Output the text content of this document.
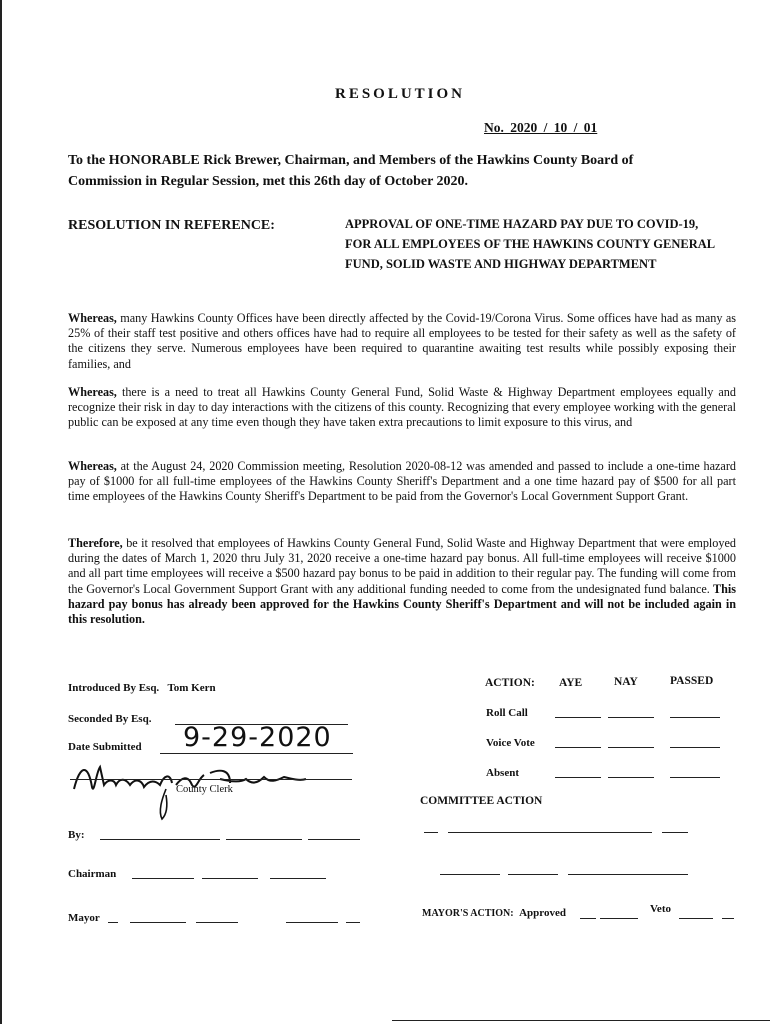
RESOLUTION
No. 2020 / 10 / 01
To the HONORABLE Rick Brewer, Chairman, and Members of the Hawkins County Board of Commission in Regular Session, met this 26th day of October 2020.
RESOLUTION IN REFERENCE:	APPROVAL OF ONE-TIME HAZARD PAY DUE TO COVID-19, FOR ALL EMPLOYEES OF THE HAWKINS COUNTY GENERAL FUND, SOLID WASTE AND HIGHWAY DEPARTMENT
Whereas, many Hawkins County Offices have been directly affected by the Covid-19/Corona Virus. Some offices have had as many as 25% of their staff test positive and others offices have had to require all employees to be tested for their safety as well as the safety of the citizens they serve. Numerous employees have been required to quarantine awaiting test results while possibly exposing their families, and
Whereas, there is a need to treat all Hawkins County General Fund, Solid Waste & Highway Department employees equally and recognize their risk in day to day interactions with the citizens of this county. Recognizing that every employee working with the general public can be exposed at any time even though they have taken extra precautions to limit exposure to this virus, and
Whereas, at the August 24, 2020 Commission meeting, Resolution 2020-08-12 was amended and passed to include a one-time hazard pay of $1000 for all full-time employees of the Hawkins County Sheriff's Department and a one time hazard pay of $500 for all part time employees of the Hawkins County Sheriff's Department to be paid from the Governor's Local Government Support Grant.
Therefore, be it resolved that employees of Hawkins County General Fund, Solid Waste and Highway Department that were employed during the dates of March 1, 2020 thru July 31, 2020 receive a one-time hazard pay bonus. All full-time employees will receive $1000 and all part time employees will receive a $500 hazard pay bonus to be paid in addition to their regular pay. The funding will come from the Governor's Local Government Support Grant with any additional funding needed to come from the undesignated fund balance. This hazard pay bonus has already been approved for the Hawkins County Sheriff's Department and will not be included again in this resolution.
Introduced By Esq. Tom Kern
Seconded By Esq.
Date Submitted 9-29-2020
County Clerk
By:
Chairman
Mayor
ACTION: AYE	NAY	PASSED
Roll Call
Voice Vote
Absent
COMMITTEE ACTION
MAYOR'S ACTION: Approved	Veto
